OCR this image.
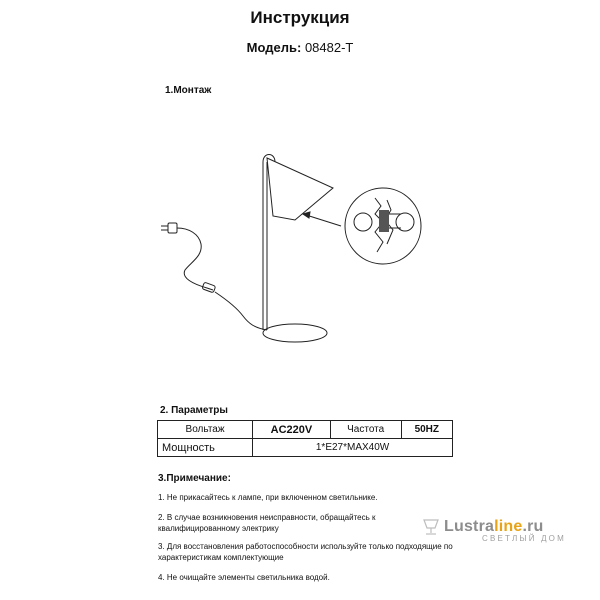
Инструкция
Модель: 08482-T
1.Монтаж
2. Параметры
Вольтаж	AC220V	Частота	50HZ
Мощность	1*E27*MAX40W		
3.Примечание:
1. Не прикасайтесь к лампе, при включенном светильнике.
2. В случае возникновения неисправности, обращайтесь к квалифицированному электрику
3. Для восстановления работоспособности используйте только подходящие по характеристикам комплектующие
4. Не очищайте элементы светильника водой.
Lustraline.ru
СВЕТЛЫЙ ДОМ
